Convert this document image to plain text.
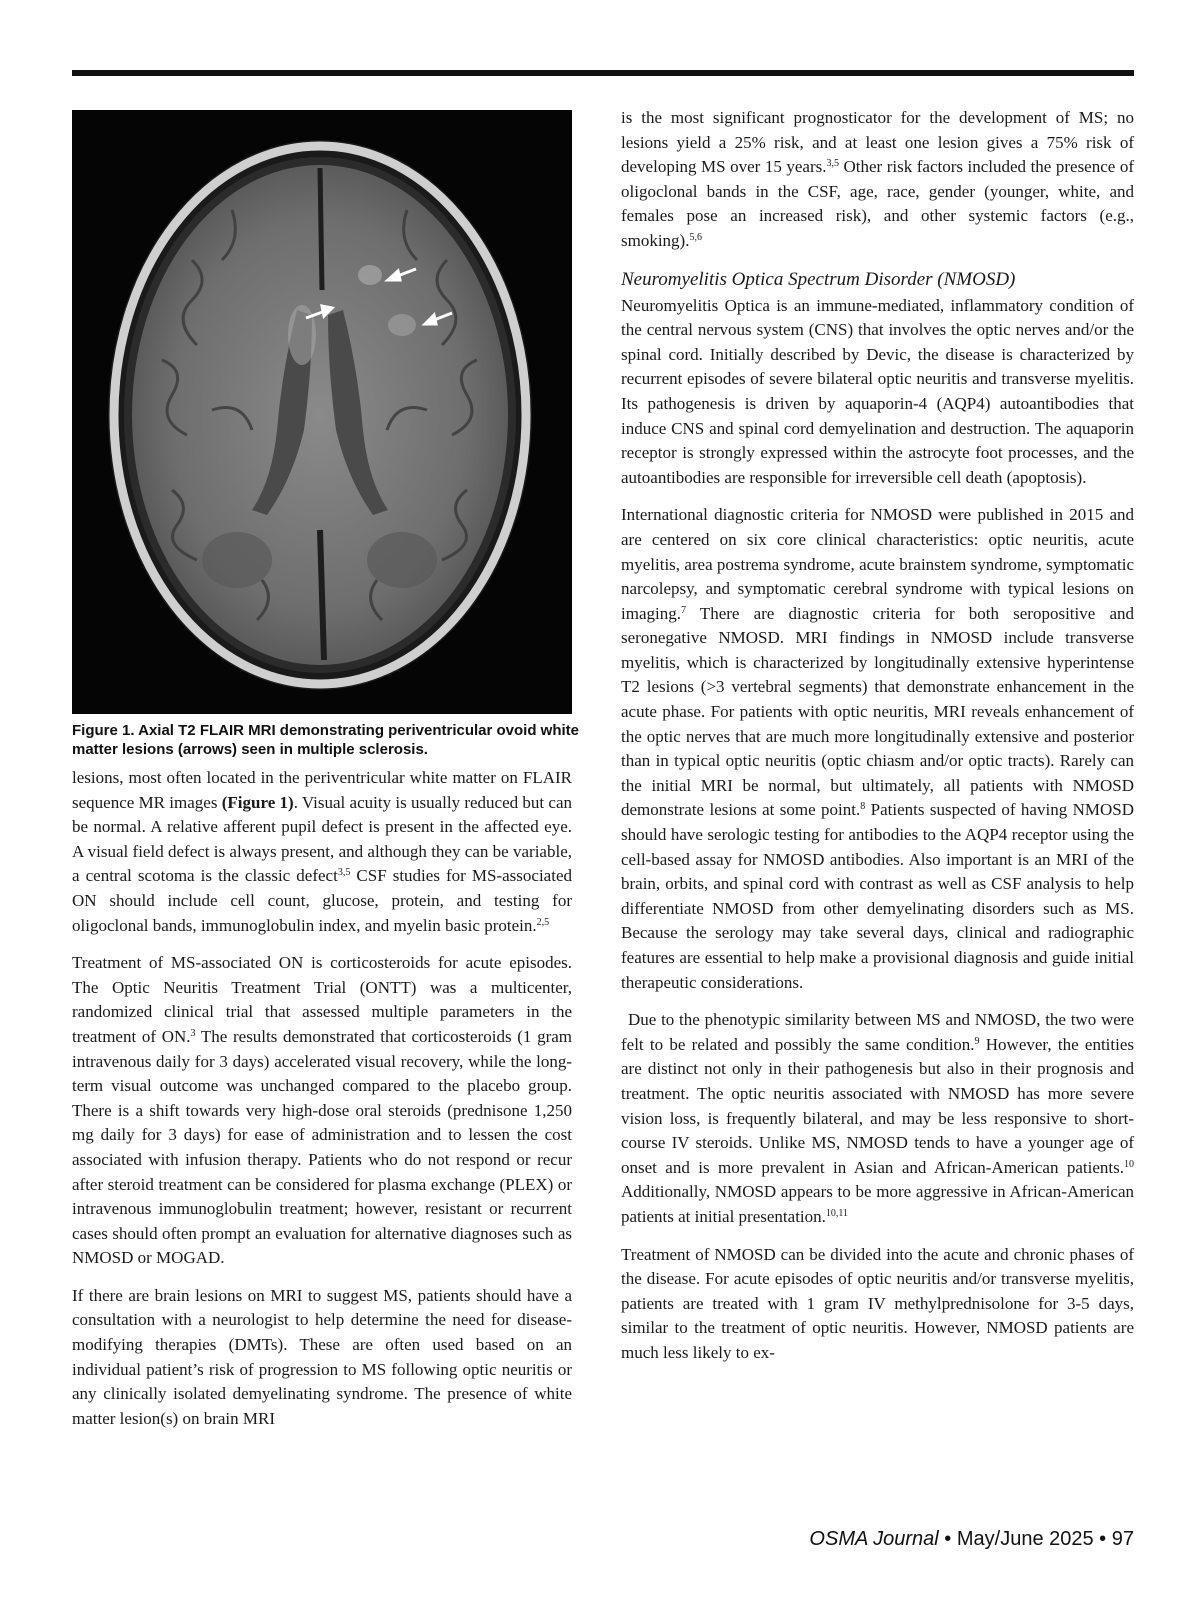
Figure 1. Axial T2 FLAIR MRI demonstrating periventricular ovoid white matter lesions (arrows) seen in multiple sclerosis.

lesions, most often located in the periventricular white matter on FLAIR sequence MR images (Figure 1). Visual acuity is usually reduced but can be normal. A relative afferent pupil defect is present in the affected eye. A visual field defect is always present, and although they can be variable, a central scotoma is the classic defect$^{3,5}$ CSF studies for MS-associated ON should include cell count, glucose, protein, and testing for oligoclonal bands, immunoglobulin index, and myelin basic protein.$^{2,5}$

Treatment of MS-associated ON is corticosteroids for acute episodes. The Optic Neuritis Treatment Trial (ONTT) was a multicenter, randomized clinical trial that assessed multiple parameters in the treatment of ON.$^3$ The results demonstrated that corticosteroids (1 gram intravenous daily for 3 days) accelerated visual recovery, while the long-term visual outcome was unchanged compared to the placebo group. There is a shift towards very high-dose oral steroids (prednisone 1,250 mg daily for 3 days) for ease of administration and to lessen the cost associated with infusion therapy. Patients who do not respond or recur after steroid treatment can be considered for plasma exchange (PLEX) or intravenous immunoglobulin treatment; however, resistant or recurrent cases should often prompt an evaluation for alternative diagnoses such as NMOSD or MOGAD.

If there are brain lesions on MRI to suggest MS, patients should have a consultation with a neurologist to help determine the need for disease-modifying therapies (DMTs). These are often used based on an individual patient’s risk of progression to MS following optic neuritis or any clinically isolated demyelinating syndrome. The presence of white matter lesion(s) on brain MRI

is the most significant prognosticator for the development of MS; no lesions yield a 25% risk, and at least one lesion gives a 75% risk of developing MS over 15 years.$^{3,5}$ Other risk factors included the presence of oligoclonal bands in the CSF, age, race, gender (younger, white, and females pose an increased risk), and other systemic factors (e.g., smoking).$^{5,6}$

Neuromyelitis Optica Spectrum Disorder (NMOSD)

Neuromyelitis Optica is an immune-mediated, inflammatory condition of the central nervous system (CNS) that involves the optic nerves and/or the spinal cord. Initially described by Devic, the disease is characterized by recurrent episodes of severe bilateral optic neuritis and transverse myelitis. Its pathogenesis is driven by aquaporin-4 (AQP4) autoantibodies that induce CNS and spinal cord demyelination and destruction. The aquaporin receptor is strongly expressed within the astrocyte foot processes, and the autoantibodies are responsible for irreversible cell death (apoptosis).

International diagnostic criteria for NMOSD were published in 2015 and are centered on six core clinical characteristics: optic neuritis, acute myelitis, area postrema syndrome, acute brainstem syndrome, symptomatic narcolepsy, and symptomatic cerebral syndrome with typical lesions on imaging.$^7$ There are diagnostic criteria for both seropositive and seronegative NMOSD. MRI findings in NMOSD include transverse myelitis, which is characterized by longitudinally extensive hyperintense T2 lesions (>3 vertebral segments) that demonstrate enhancement in the acute phase. For patients with optic neuritis, MRI reveals enhancement of the optic nerves that are much more longitudinally extensive and posterior than in typical optic neuritis (optic chiasm and/or optic tracts). Rarely can the initial MRI be normal, but ultimately, all patients with NMOSD demonstrate lesions at some point.$^8$ Patients suspected of having NMOSD should have serologic testing for antibodies to the AQP4 receptor using the cell-based assay for NMOSD antibodies. Also important is an MRI of the brain, orbits, and spinal cord with contrast as well as CSF analysis to help differentiate NMOSD from other demyelinating disorders such as MS. Because the serology may take several days, clinical and radiographic features are essential to help make a provisional diagnosis and guide initial therapeutic considerations.

Due to the phenotypic similarity between MS and NMOSD, the two were felt to be related and possibly the same condition.$^9$ However, the entities are distinct not only in their pathogenesis but also in their prognosis and treatment. The optic neuritis associated with NMOSD has more severe vision loss, is frequently bilateral, and may be less responsive to short-course IV steroids. Unlike MS, NMOSD tends to have a younger age of onset and is more prevalent in Asian and African-American patients.$^{10}$ Additionally, NMOSD appears to be more aggressive in African-American patients at initial presentation.$^{10,11}$

Treatment of NMOSD can be divided into the acute and chronic phases of the disease. For acute episodes of optic neuritis and/or transverse myelitis, patients are treated with 1 gram IV methylprednisolone for 3-5 days, similar to the treatment of optic neuritis. However, NMOSD patients are much less likely to ex-

OSMA Journal • May/June 2025 • 97
